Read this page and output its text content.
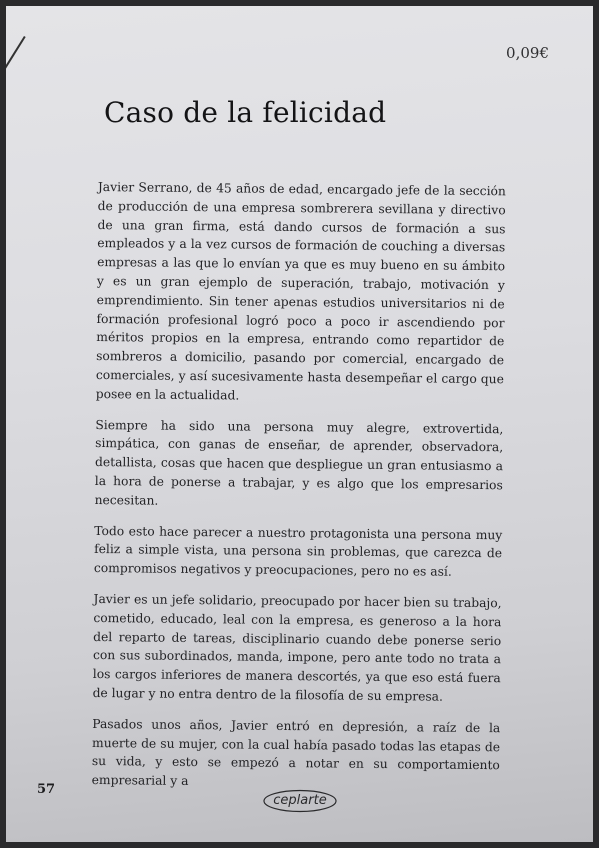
0,09€
Caso de la felicidad

Javier Serrano, de 45 años de edad, encargado jefe de la sección de producción de una empresa sombrerera sevillana y directivo de una gran firma, está dando cursos de formación a sus empleados y a la vez cursos de formación de couching a diversas empresas a las que lo envían ya que es muy bueno en su ámbito y es un gran ejemplo de superación, trabajo, motivación y emprendimiento. Sin tener apenas estudios universitarios ni de formación profesional logró poco a poco ir ascendiendo por méritos propios en la empresa, entrando como repartidor de sombreros a domicilio, pasando por comercial, encargado de comerciales, y así sucesivamente hasta desempeñar el cargo que posee en la actualidad.

Siempre ha sido una persona muy alegre, extrovertida, simpática, con ganas de enseñar, de aprender, observadora, detallista, cosas que hacen que despliegue un gran entusiasmo a la hora de ponerse a trabajar, y es algo que los empresarios necesitan.

Todo esto hace parecer a nuestro protagonista una persona muy feliz a simple vista, una persona sin problemas, que carezca de compromisos negativos y preocupaciones, pero no es así.

Javier es un jefe solidario, preocupado por hacer bien su trabajo, cometido, educado, leal con la empresa, es generoso a la hora del reparto de tareas, disciplinario cuando debe ponerse serio con sus subordinados, manda, impone, pero ante todo no trata a los cargos inferiores de manera descortés, ya que eso está fuera de lugar y no entra dentro de la filosofía de su empresa.

Pasados unos años, Javier entró en depresión, a raíz de la muerte de su mujer, con la cual había pasado todas las etapas de su vida, y esto se empezó a notar en su comportamiento empresarial y a

57
ceplarte
